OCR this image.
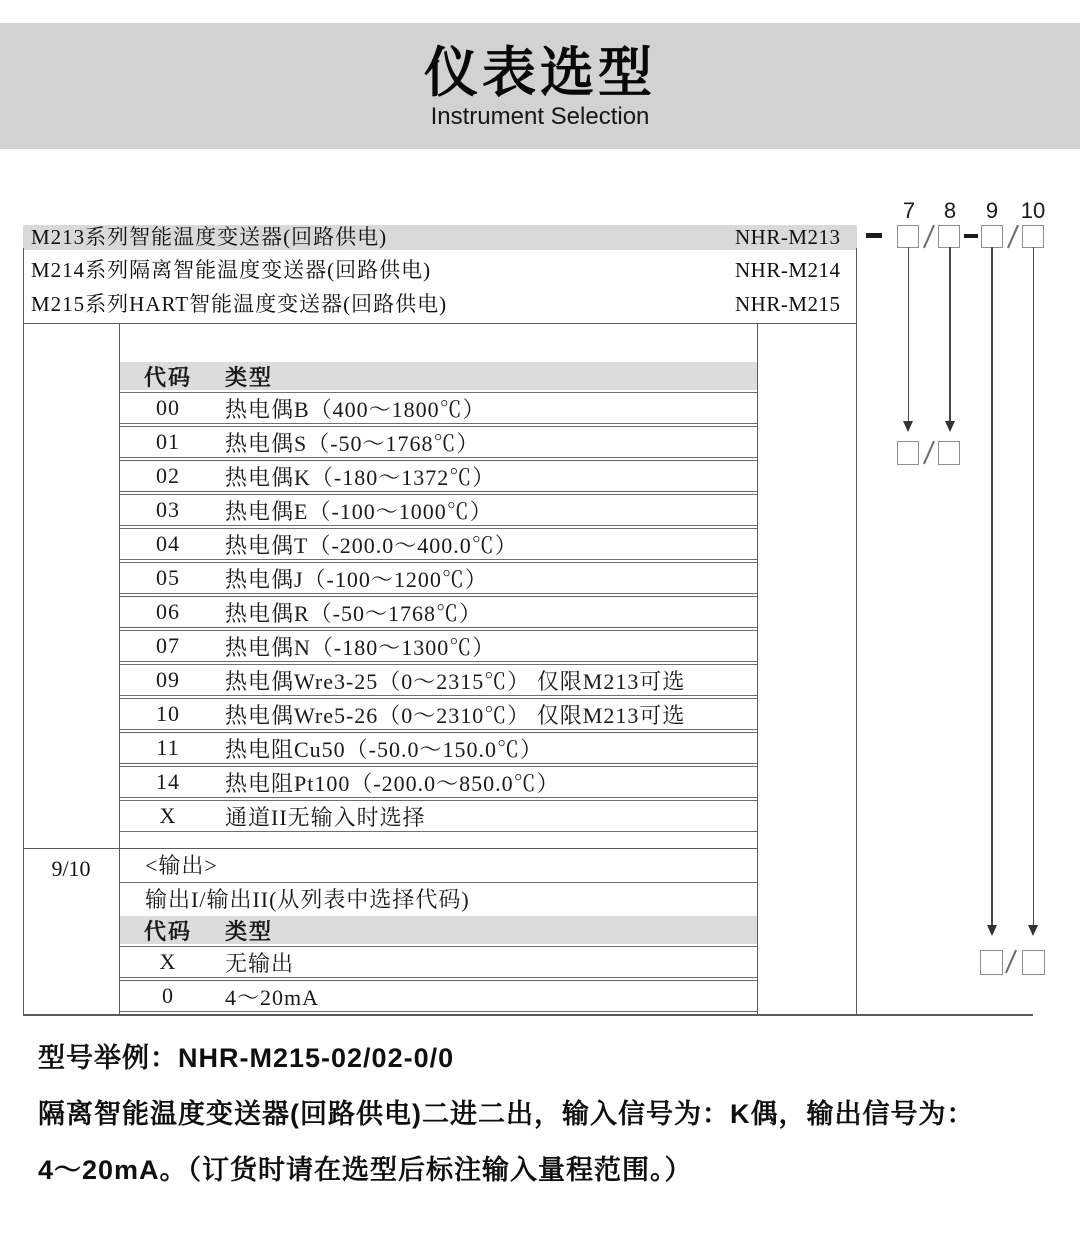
仪表选型
Instrument Selection
M213系列智能温度变送器(回路供电)	NHR-M213
M214系列隔离智能温度变送器(回路供电)	NHR-M214
M215系列HART智能温度变送器(回路供电)	NHR-M215
7	8	9	10
代码	类型
00	热电偶B（400～1800℃）
01	热电偶S（-50～1768℃）
02	热电偶K（-180～1372℃）
03	热电偶E（-100～1000℃）
04	热电偶T（-200.0～400.0℃）
05	热电偶J（-100～1200℃）
06	热电偶R（-50～1768℃）
07	热电偶N（-180～1300℃）
09	热电偶Wre3-25（0～2315℃） 仅限M213可选
10	热电偶Wre5-26（0～2310℃） 仅限M213可选
11	热电阻Cu50（-50.0～150.0℃）
14	热电阻Pt100（-200.0～850.0℃）
X	通道II无输入时选择
9/10	<输出>
输出I/输出II(从列表中选择代码)
代码	类型
X	无输出
0	4～20mA
型号举例：NHR-M215-02/02-0/0
隔离智能温度变送器(回路供电)二进二出，输入信号为：K偶，输出信号为：
4～20mA。（订货时请在选型后标注输入量程范围。）
